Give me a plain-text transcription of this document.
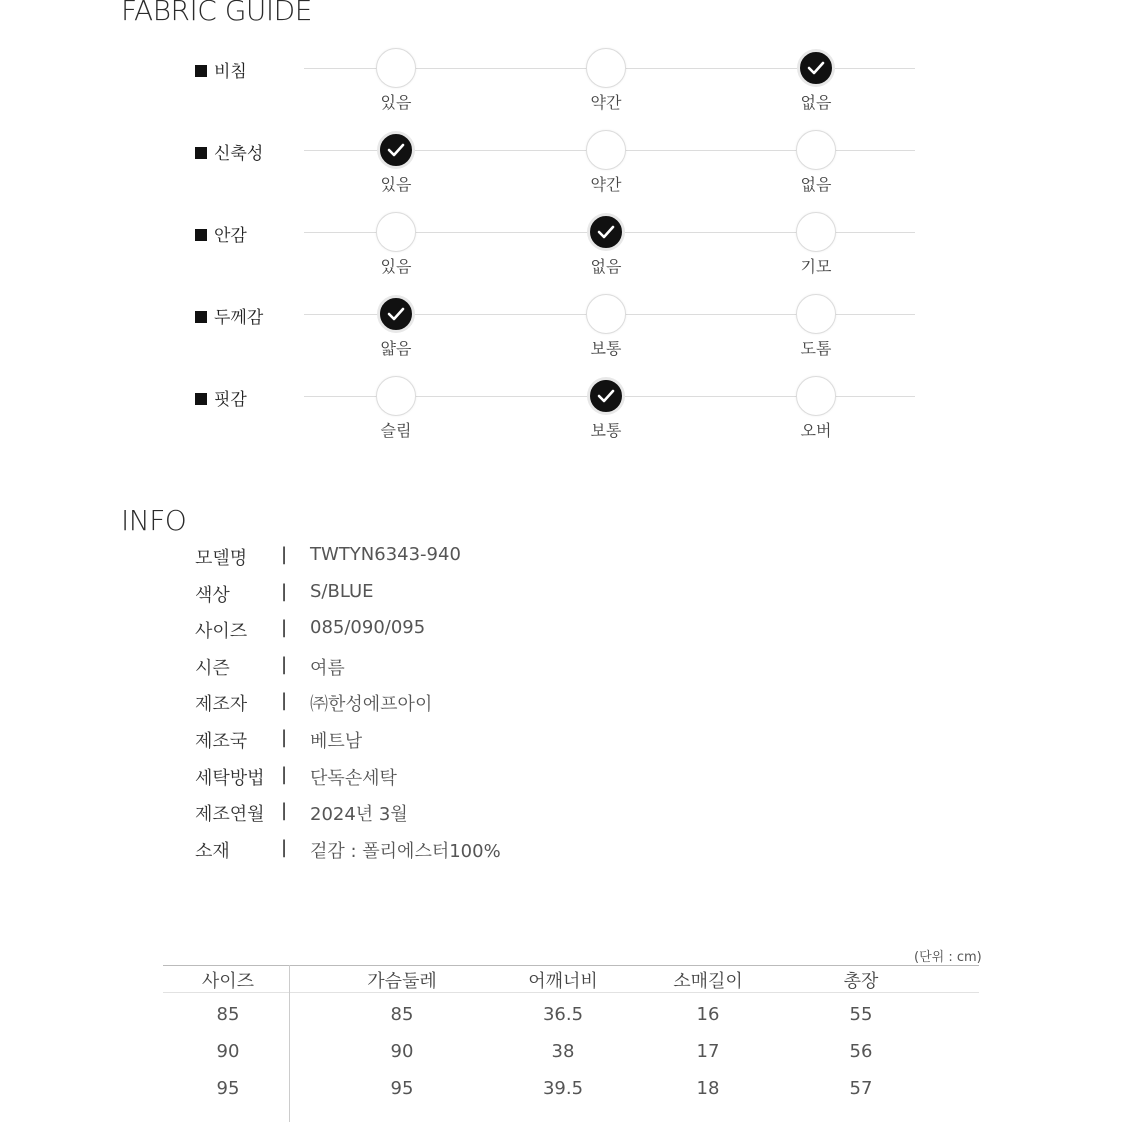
FABRIC GUIDE
비침
있음	약간	없음
신축성
있음	약간	없음
안감
있음	없음	기모
두께감
얇음	보통	도톰
핏감
슬림	보통	오버
INFO
모델명 | TWTYN6343-940
색상	| S/BLUE
사이즈 | 085/090/095
시즌	| 여름
제조자 | ㈜한성에프아이
제조국 | 베트남
세탁방법 | 단독손세탁
제조연월 | 2024년 3월
소재	| 겉감 : 폴리에스터100%
(단위 : cm)
사이즈	가슴둘레	어깨너비	소매길이	총장
85	85	36.5	16	55
90	90	38	17	56
95	95	39.5	18	57
